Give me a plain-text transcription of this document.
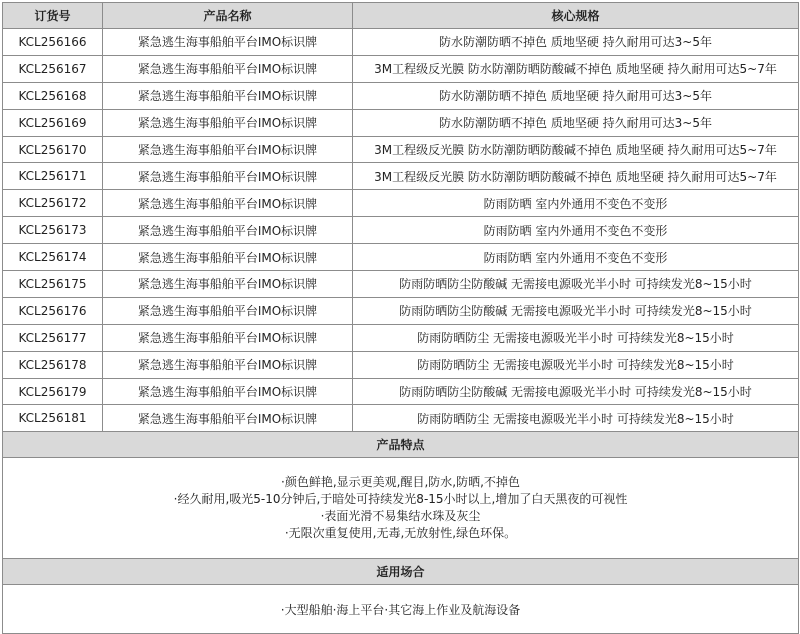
订货号	产品名称	核心规格
KCL256166	紧急逃生海事船舶平台IMO标识牌	防水防潮防晒不掉色 质地坚硬 持久耐用可达3~5年
KCL256167	紧急逃生海事船舶平台IMO标识牌	3M工程级反光膜 防水防潮防晒防酸碱不掉色 质地坚硬 持久耐用可达5~7年
KCL256168	紧急逃生海事船舶平台IMO标识牌	防水防潮防晒不掉色 质地坚硬 持久耐用可达3~5年
KCL256169	紧急逃生海事船舶平台IMO标识牌	防水防潮防晒不掉色 质地坚硬 持久耐用可达3~5年
KCL256170	紧急逃生海事船舶平台IMO标识牌	3M工程级反光膜 防水防潮防晒防酸碱不掉色 质地坚硬 持久耐用可达5~7年
KCL256171	紧急逃生海事船舶平台IMO标识牌	3M工程级反光膜 防水防潮防晒防酸碱不掉色 质地坚硬 持久耐用可达5~7年
KCL256172	紧急逃生海事船舶平台IMO标识牌	防雨防晒 室内外通用不变色不变形
KCL256173	紧急逃生海事船舶平台IMO标识牌	防雨防晒 室内外通用不变色不变形
KCL256174	紧急逃生海事船舶平台IMO标识牌	防雨防晒 室内外通用不变色不变形
KCL256175	紧急逃生海事船舶平台IMO标识牌	防雨防晒防尘防酸碱 无需接电源吸光半小时 可持续发光8~15小时
KCL256176	紧急逃生海事船舶平台IMO标识牌	防雨防晒防尘防酸碱 无需接电源吸光半小时 可持续发光8~15小时
KCL256177	紧急逃生海事船舶平台IMO标识牌	防雨防晒防尘 无需接电源吸光半小时 可持续发光8~15小时
KCL256178	紧急逃生海事船舶平台IMO标识牌	防雨防晒防尘 无需接电源吸光半小时 可持续发光8~15小时
KCL256179	紧急逃生海事船舶平台IMO标识牌	防雨防晒防尘防酸碱 无需接电源吸光半小时 可持续发光8~15小时
KCL256181	紧急逃生海事船舶平台IMO标识牌	防雨防晒防尘 无需接电源吸光半小时 可持续发光8~15小时
产品特点		

·颜色鲜艳,显示更美观,醒目,防水,防晒,不掉色
·经久耐用,吸光5-10分钟后,于暗处可持续发光8-15小时以上,增加了白天黑夜的可视性
·表面光滑不易集结水珠及灰尘
·无限次重复使用,无毒,无放射性,绿色环保。		

适用场合		
·大型船舶·海上平台·其它海上作业及航海设备		
